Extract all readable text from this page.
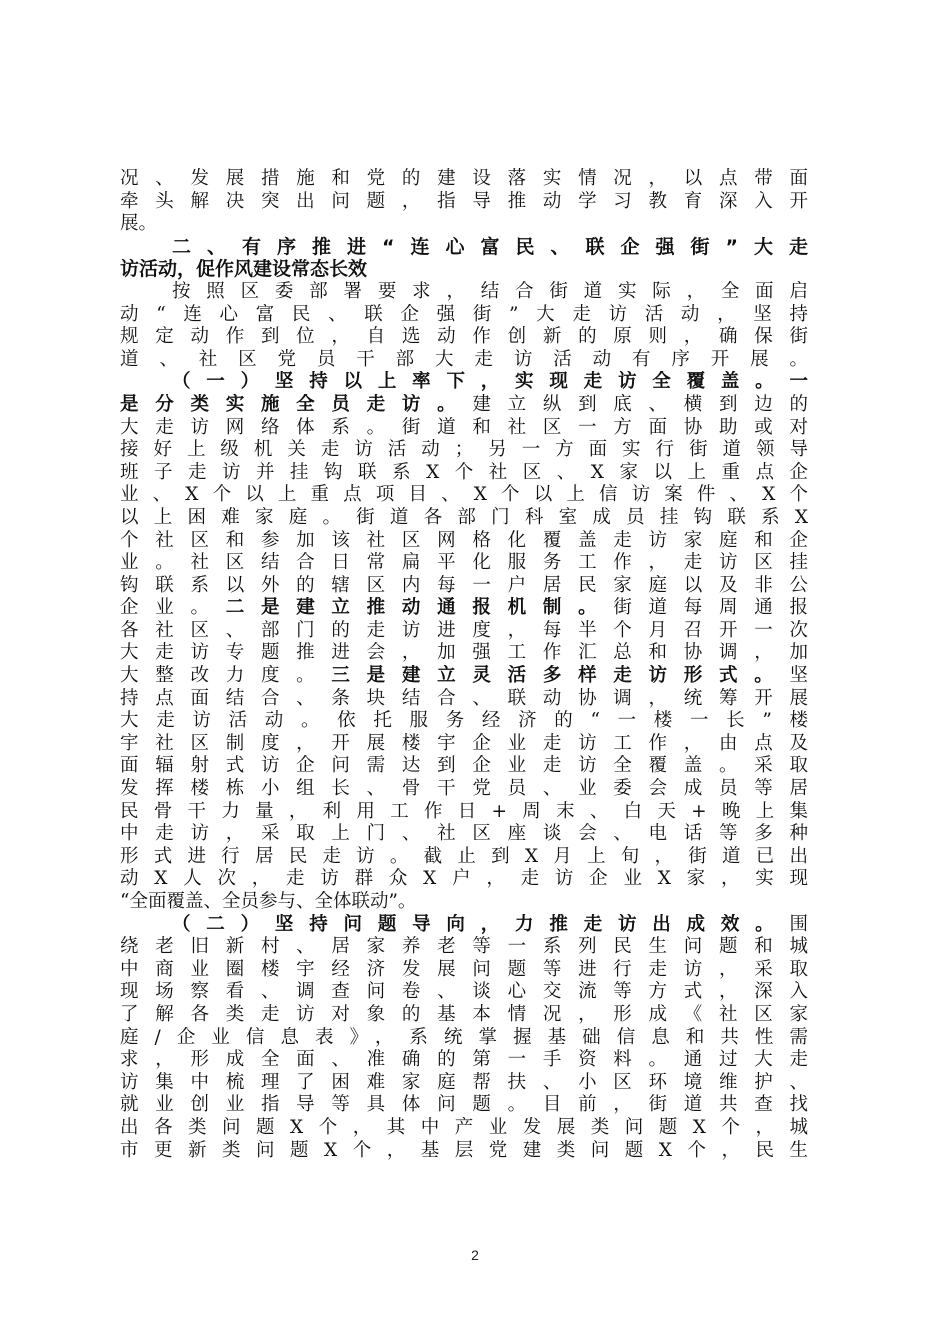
况、发展措施和党的建设落实情况，以点带面
牵头解决突出问题，指导推动学习教育深入开
展。
二、有序推进“连心富民、联企强街”大走
访活动，促作风建设常态长效
按照区委部署要求，结合街道实际，全面启
动“连心富民、联企强街”大走访活动，坚持
规定动作到位，自选动作创新的原则，确保街
道、社区党员干部大走访活动有序开展。
（一）坚持以上率下，实现走访全覆盖。一
是分类实施全员走访。建立纵到底、横到边的
大走访网络体系。街道和社区一方面协助或对
接好上级机关走访活动；另一方面实行街道领导
班子走访并挂钩联系X个社区、X家以上重点企
业、X个以上重点项目、X个以上信访案件、X个
以上困难家庭。街道各部门科室成员挂钩联系X
个社区和参加该社区网格化覆盖走访家庭和企
业。社区结合日常扁平化服务工作，走访区挂
钩联系以外的辖区内每一户居民家庭以及非公
企业。二是建立推动通报机制。街道每周通报
各社区、部门的走访进度，每半个月召开一次
大走访专题推进会，加强工作汇总和协调，加
大整改力度。三是建立灵活多样走访形式。坚
持点面结合、条块结合、联动协调，统筹开展
大走访活动。依托服务经济的“一楼一长”楼
宇社区制度，开展楼宇企业走访工作，由点及
面辐射式访企问需达到企业走访全覆盖。采取
发挥楼栋小组长、骨干党员、业委会成员等居
民骨干力量，利用工作日+周末、白天+晚上集
中走访，采取上门、社区座谈会、电话等多种
形式进行居民走访。截止到X月上旬，街道已出
动X人次，走访群众X户，走访企业X家，实现
“全面覆盖、全员参与、全体联动”。
（二）坚持问题导向，力推走访出成效。围
绕老旧新村、居家养老等一系列民生问题和城
中商业圈楼宇经济发展问题等进行走访，采取
现场察看、调查问卷、谈心交流等方式，深入
了解各类走访对象的基本情况，形成《社区家
庭/企业信息表》，系统掌握基础信息和共性需
求，形成全面、准确的第一手资料。通过大走
访集中梳理了困难家庭帮扶、小区环境维护、
就业创业指导等具体问题。目前，街道共查找
出各类问题X个，其中产业发展类问题X个，城
市更新类问题X个，基层党建类问题X个，民生
2
